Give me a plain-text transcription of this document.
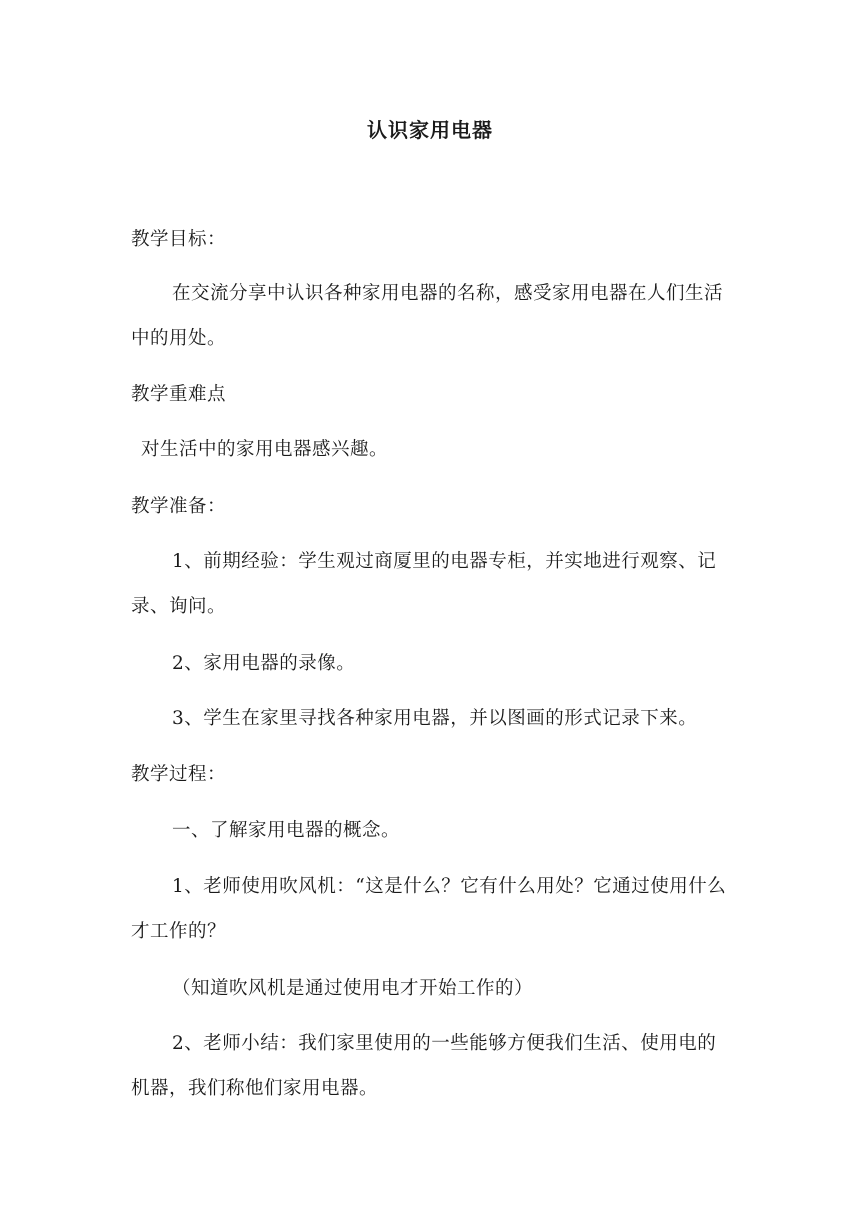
认识家用电器
教学目标：
在交流分享中认识各种家用电器的名称，感受家用电器在人们生活中的用处。
教学重难点
对生活中的家用电器感兴趣。
教学准备：
1、前期经验：学生观过商厦里的电器专柜，并实地进行观察、记录、询问。
2、家用电器的录像。
3、学生在家里寻找各种家用电器，并以图画的形式记录下来。
教学过程：
一、了解家用电器的概念。
1、老师使用吹风机：“这是什么？它有什么用处？它通过使用什么才工作的？
（知道吹风机是通过使用电才开始工作的）
2、老师小结：我们家里使用的一些能够方便我们生活、使用电的机器，我们称他们家用电器。
